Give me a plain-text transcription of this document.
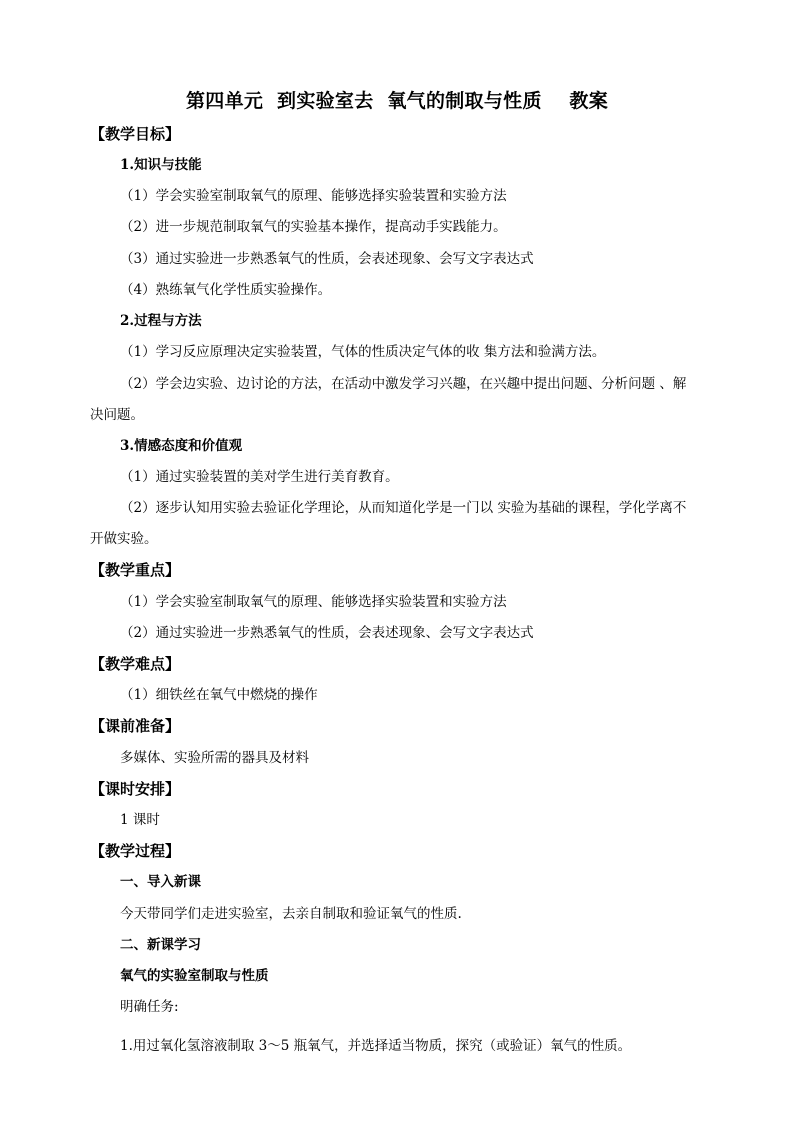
第四单元  到实验室去  氧气的制取与性质    教案
【教学目标】
1.知识与技能
（1）学会实验室制取氧气的原理、能够选择实验装置和实验方法
（2）进一步规范制取氧气的实验基本操作，提高动手实践能力。
（3）通过实验进一步熟悉氧气的性质，会表述现象、会写文字表达式
（4）熟练氧气化学性质实验操作。
2.过程与方法
（1）学习反应原理决定实验装置，气体的性质决定气体的收 集方法和验满方法。
（2）学会边实验、边讨论的方法，在活动中激发学习兴趣，在兴趣中提出问题、分析问题 、解
决问题。
3.情感态度和价值观
（1）通过实验装置的美对学生进行美育教育。
（2）逐步认知用实验去验证化学理论，从而知道化学是一门以 实验为基础的课程，学化学离不
开做实验。
【教学重点】
（1）学会实验室制取氧气的原理、能够选择实验装置和实验方法
（2）通过实验进一步熟悉氧气的性质，会表述现象、会写文字表达式
【教学难点】
（1）细铁丝在氧气中燃烧的操作
【课前准备】
多媒体、实验所需的器具及材料
【课时安排】
1 课时
【教学过程】
一、导入新课
今天带同学们走进实验室，去亲自制取和验证氧气的性质.
二、新课学习
氧气的实验室制取与性质
明确任务:
1.用过氧化氢溶液制取 3～5 瓶氧气，并选择适当物质，探究（或验证）氧气的性质。
